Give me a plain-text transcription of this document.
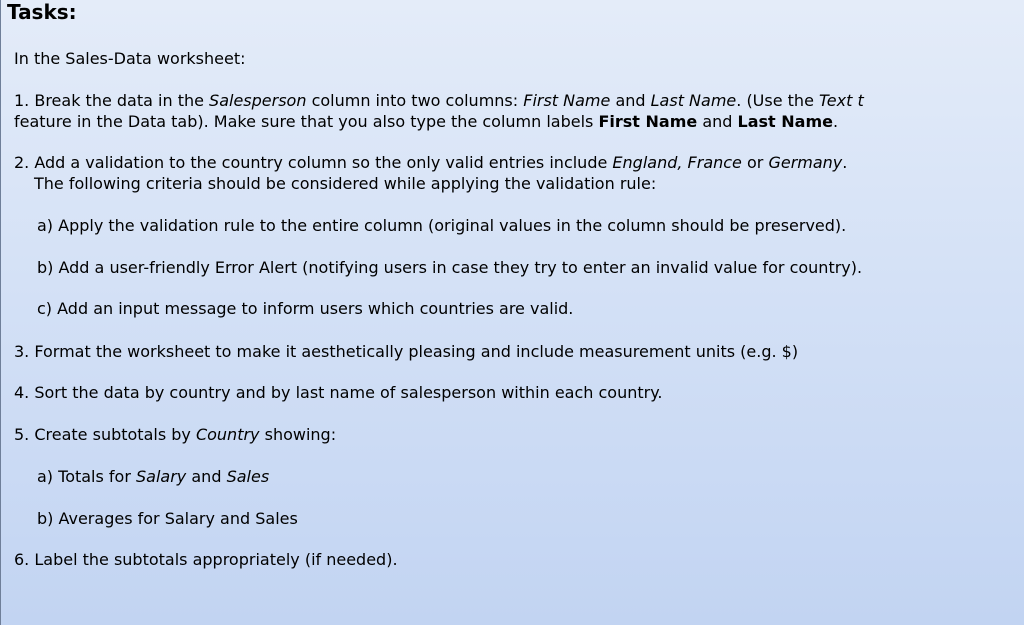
Tasks:

In the Sales-Data worksheet:

1. Break the data in the Salesperson column into two columns: First Name and Last Name. (Use the Text t

feature in the Data tab). Make sure that you also type the column labels First Name and Last Name.

2. Add a validation to the country column so the only valid entries include England, France or Germany.

The following criteria should be considered while applying the validation rule:

a) Apply the validation rule to the entire column (original values in the column should be preserved).

b) Add a user-friendly Error Alert (notifying users in case they try to enter an invalid value for country).

c) Add an input message to inform users which countries are valid.

3. Format the worksheet to make it aesthetically pleasing and include measurement units (e.g. $)

4. Sort the data by country and by last name of salesperson within each country.

5. Create subtotals by Country showing:

a) Totals for Salary and Sales

b) Averages for Salary and Sales

6. Label the subtotals appropriately (if needed).
